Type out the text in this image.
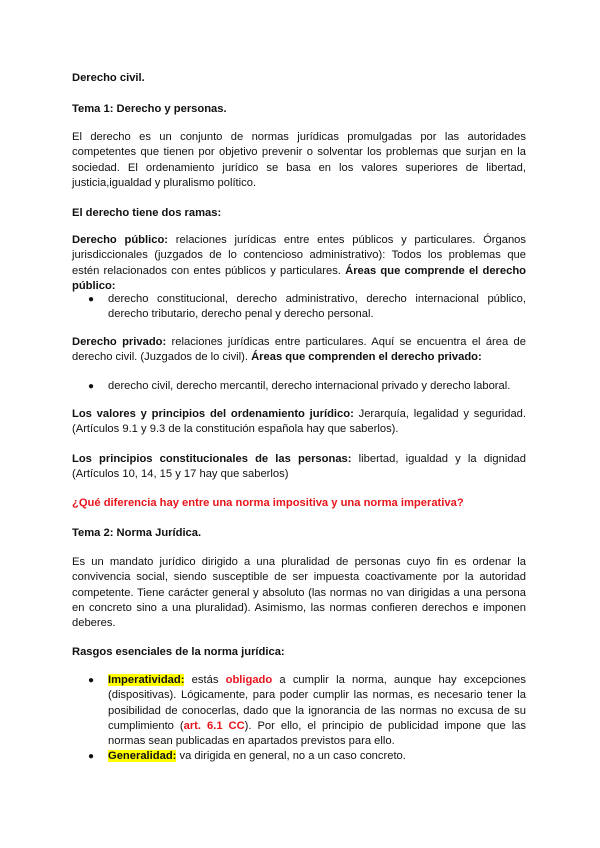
Derecho civil.

Tema 1: Derecho y personas.

El derecho es un conjunto de normas jurídicas promulgadas por las autoridades competentes que tienen por objetivo prevenir o solventar los problemas que surjan en la sociedad. El ordenamiento jurídico se basa en los valores superiores de libertad, justicia,igualdad y pluralismo político.

El derecho tiene dos ramas:

Derecho público: relaciones jurídicas entre entes públicos y particulares. Órganos jurisdiccionales (juzgados de lo contencioso administrativo): Todos los problemas que estén relacionados con entes públicos y particulares. Áreas que comprende el derecho público:

● derecho constitucional, derecho administrativo, derecho internacional público, derecho tributario, derecho penal y derecho personal.

Derecho privado: relaciones jurídicas entre particulares. Aquí se encuentra el área de derecho civil. (Juzgados de lo civil). Áreas que comprenden el derecho privado:

● derecho civil, derecho mercantil, derecho internacional privado y derecho laboral.

Los valores y principios del ordenamiento jurídico: Jerarquía, legalidad y seguridad. (Artículos 9.1 y 9.3 de la constitución española hay que saberlos).

Los principios constitucionales de las personas: libertad, igualdad y la dignidad (Artículos 10, 14, 15 y 17 hay que saberlos)

¿Qué diferencia hay entre una norma impositiva y una norma imperativa?

Tema 2: Norma Jurídica.

Es un mandato jurídico dirigido a una pluralidad de personas cuyo fin es ordenar la convivencia social, siendo susceptible de ser impuesta coactivamente por la autoridad competente. Tiene carácter general y absoluto (las normas no van dirigidas a una persona en concreto sino a una pluralidad). Asimismo, las normas confieren derechos e imponen deberes.

Rasgos esenciales de la norma jurídica:

● Imperatividad: estás obligado a cumplir la norma, aunque hay excepciones (dispositivas). Lógicamente, para poder cumplir las normas, es necesario tener la posibilidad de conocerlas, dado que la ignorancia de las normas no excusa de su cumplimiento (art. 6.1 CC). Por ello, el principio de publicidad impone que las normas sean publicadas en apartados previstos para ello.
● Generalidad: va dirigida en general, no a un caso concreto.
